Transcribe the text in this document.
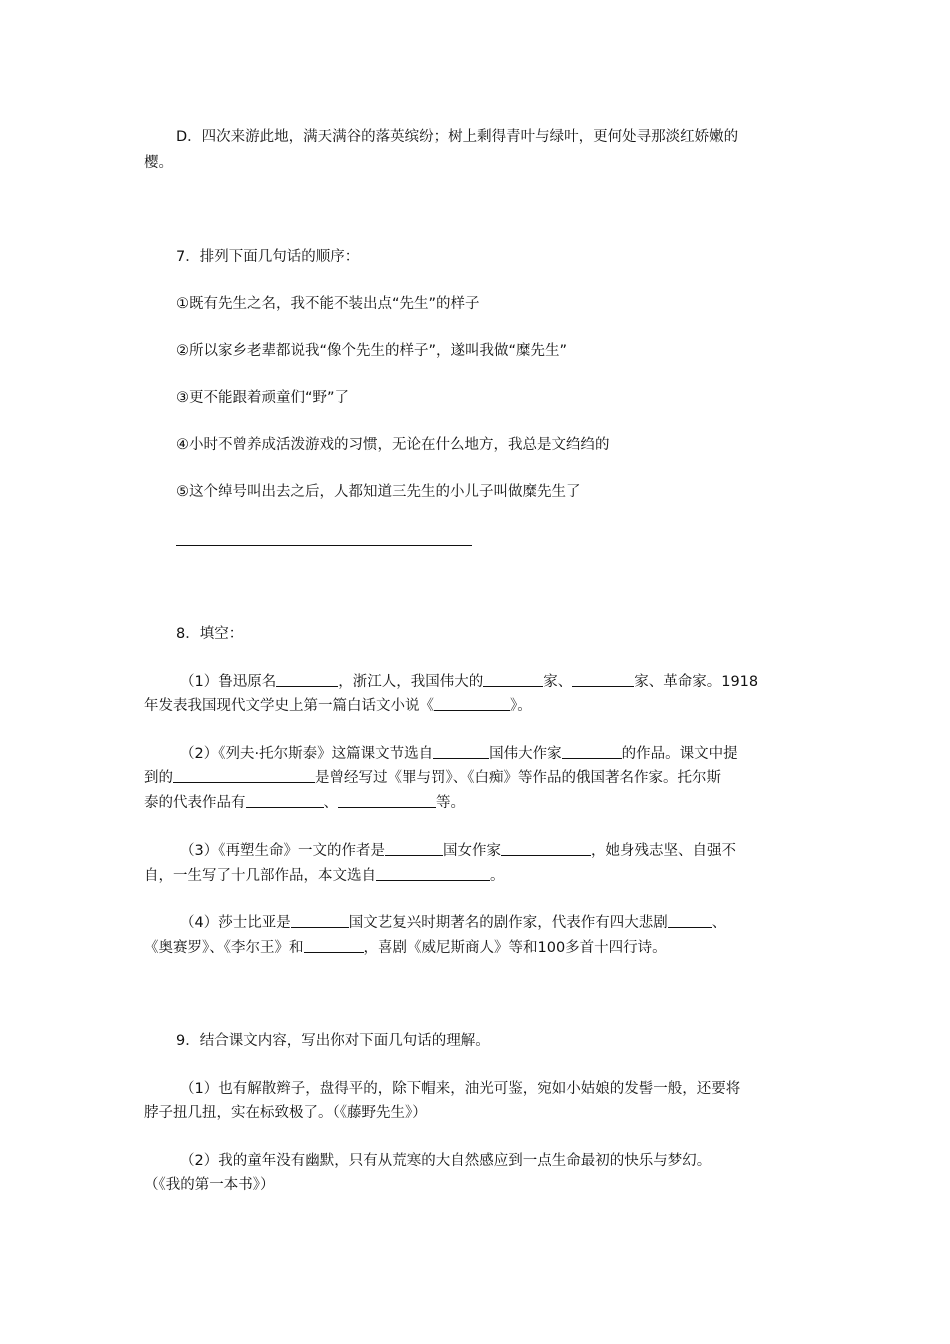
D．四次来游此地，满天满谷的落英缤纷；树上剩得青叶与绿叶，更何处寻那淡红娇嫩的
樱。
7．排列下面几句话的顺序：
①既有先生之名，我不能不装出点“先生”的样子
②所以家乡老辈都说我“像个先生的样子”，遂叫我做“糜先生”
③更不能跟着顽童们“野”了
④小时不曾养成活泼游戏的习惯，无论在什么地方，我总是文绉绉的
⑤这个绰号叫出去之后，人都知道三先生的小儿子叫做糜先生了
8．填空：
（1）鲁迅原名	，浙江人，我国伟大的	家、	家、革命家。1918
年发表我国现代文学史上第一篇白话文小说《	》。
（2）《列夫·托尔斯泰》这篇课文节选自	国伟大作家	的作品。课文中提
到的	是曾经写过《罪与罚》、《白痴》等作品的俄国著名作家。托尔斯
泰的代表作品有	、	等。
（3）《再塑生命》一文的作者是	国女作家	，她身残志坚、自强不
自，一生写了十几部作品，本文选自	。
（4）莎士比亚是	国文艺复兴时期著名的剧作家，代表作有四大悲剧	、
《奥赛罗》、《李尔王》和	，喜剧《威尼斯商人》等和100多首十四行诗。
9．结合课文内容，写出你对下面几句话的理解。
（1）也有解散辫子，盘得平的，除下帽来，油光可鉴，宛如小姑娘的发髻一般，还要将
脖子扭几扭，实在标致极了。（《藤野先生》）
（2）我的童年没有幽默，只有从荒寒的大自然感应到一点生命最初的快乐与梦幻。
（《我的第一本书》）
